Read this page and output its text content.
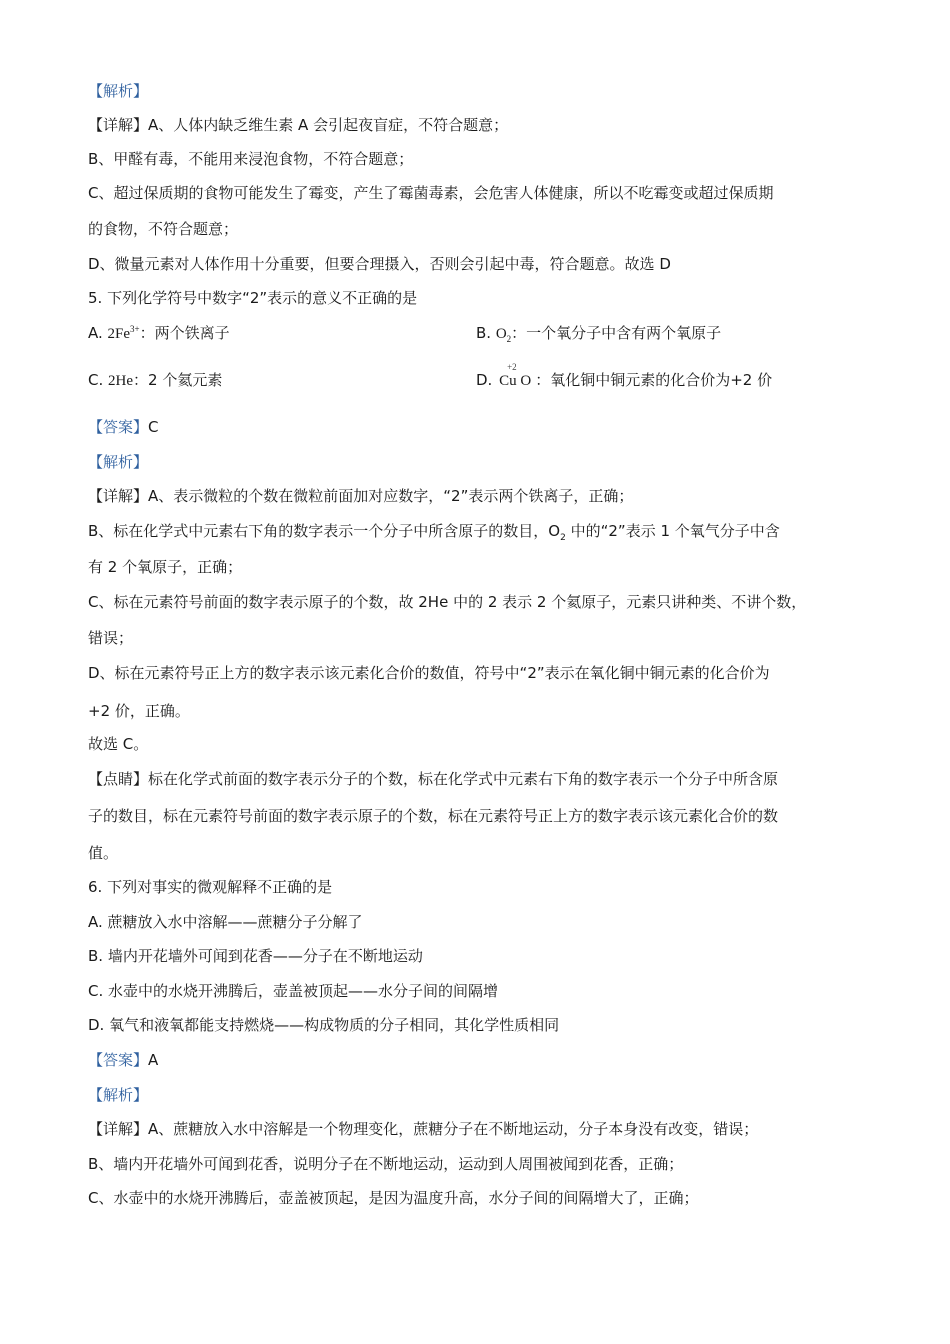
【解析】
【详解】A、人体内缺乏维生素 A 会引起夜盲症，不符合题意；
B、甲醛有毒，不能用来浸泡食物，不符合题意；
C、超过保质期的食物可能发生了霉变，产生了霉菌毒素，会危害人体健康，所以不吃霉变或超过保质期
的食物，不符合题意；
D、微量元素对人体作用十分重要，但要合理摄入，否则会引起中毒，符合题意。故选 D
5. 下列化学符号中数字“2”表示的意义不正确的是
A. $2Fe^{3+}$：两个铁离子	B. $O_2$：一个氧分子中含有两个氧原子
C. 2He：2 个氦元素	D.
+2
Cu O ：氧化铜中铜元素的化合价为+2 价
【答案】C
【解析】
【详解】A、表示微粒的个数在微粒前面加对应数字，“2”表示两个铁离子，正确；
B、标在化学式中元素右下角的数字表示一个分子中所含原子的数目，$O_2$ 中的“2”表示 1 个氧气分子中含
有 2 个氧原子，正确；
C、标在元素符号前面的数字表示原子的个数，故 2He 中的 2 表示 2 个氦原子，元素只讲种类、不讲个数，
错误；
D、标在元素符号正上方的数字表示该元素化合价的数值，符号中“2”表示在氧化铜中铜元素的化合价为
+2 价，正确。
故选 C。
【点睛】标在化学式前面的数字表示分子的个数，标在化学式中元素右下角的数字表示一个分子中所含原
子的数目，标在元素符号前面的数字表示原子的个数，标在元素符号正上方的数字表示该元素化合价的数
值。
6. 下列对事实的微观解释不正确的是
A. 蔗糖放入水中溶解——蔗糖分子分解了
B. 墙内开花墙外可闻到花香——分子在不断地运动
C. 水壶中的水烧开沸腾后，壶盖被顶起——水分子间的间隔增
D. 氧气和液氧都能支持燃烧——构成物质的分子相同，其化学性质相同
【答案】A
【解析】
【详解】A、蔗糖放入水中溶解是一个物理变化，蔗糖分子在不断地运动，分子本身没有改变，错误；
B、墙内开花墙外可闻到花香，说明分子在不断地运动，运动到人周围被闻到花香，正确；
C、水壶中的水烧开沸腾后，壶盖被顶起，是因为温度升高，水分子间的间隔增大了，正确；
